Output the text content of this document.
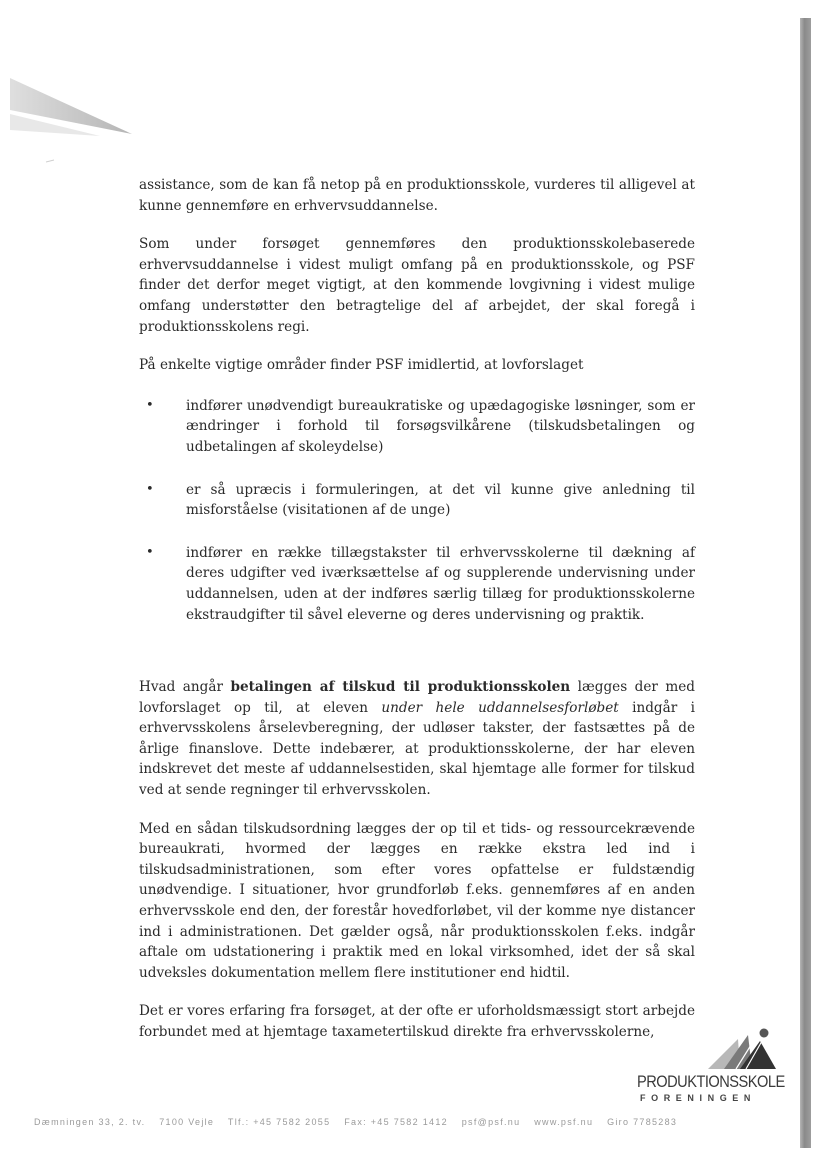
assistance, som de kan få netop på en produktionsskole, vurderes til alligevel at kunne gennemføre en erhvervsuddannelse.

Som under forsøget gennemføres den produktionsskolebaserede erhvervsuddannelse i videst muligt omfang på en produktionsskole, og PSF finder det derfor meget vigtigt, at den kommende lovgivning i videst mulige omfang understøtter den betragtelige del af arbejdet, der skal foregå i produktionsskolens regi.

På enkelte vigtige områder finder PSF imidlertid, at lovforslaget

• indfører unødvendigt bureaukratiske og upædagogiske løsninger, som er ændringer i forhold til forsøgsvilkårene (tilskudsbetalingen og udbetalingen af skoleydelse)
• er så upræcis i formuleringen, at det vil kunne give anledning til misforståelse (visitationen af de unge)
• indfører en række tillægstakster til erhvervsskolerne til dækning af deres udgifter ved iværksættelse af og supplerende undervisning under uddannelsen, uden at der indføres særlig tillæg for produktionsskolerne ekstraudgifter til såvel eleverne og deres undervisning og praktik.

Hvad angår betalingen af tilskud til produktionsskolen lægges der med lovforslaget op til, at eleven under hele uddannelsesforløbet indgår i erhvervsskolens årselevberegning, der udløser takster, der fastsættes på de årlige finanslove. Dette indebærer, at produktionsskolerne, der har eleven indskrevet det meste af uddannelsestiden, skal hjemtage alle former for tilskud ved at sende regninger til erhvervsskolen.

Med en sådan tilskudsordning lægges der op til et tids- og ressourcekrævende bureaukrati, hvormed der lægges en række ekstra led ind i tilskudsadministrationen, som efter vores opfattelse er fuldstændig unødvendige. I situationer, hvor grundforløb f.eks. gennemføres af en anden erhvervsskole end den, der forestår hovedforløbet, vil der komme nye distancer ind i administrationen. Det gælder også, når produktionsskolen f.eks. indgår aftale om udstationering i praktik med en lokal virksomhed, idet der så skal udveksles dokumentation mellem flere institutioner end hidtil.

Det er vores erfaring fra forsøget, at der ofte er uforholdsmæssigt stort arbejde forbundet med at hjemtage taxametertilskud direkte fra erhvervsskolerne,

PRODUKTIONSSKOLE
FORENINGEN
Dæmningen 33, 2. tv. 7100 Vejle Tlf.: +45 7582 2055 Fax: +45 7582 1412 psf@psf.nu www.psf.nu Giro 7785283
